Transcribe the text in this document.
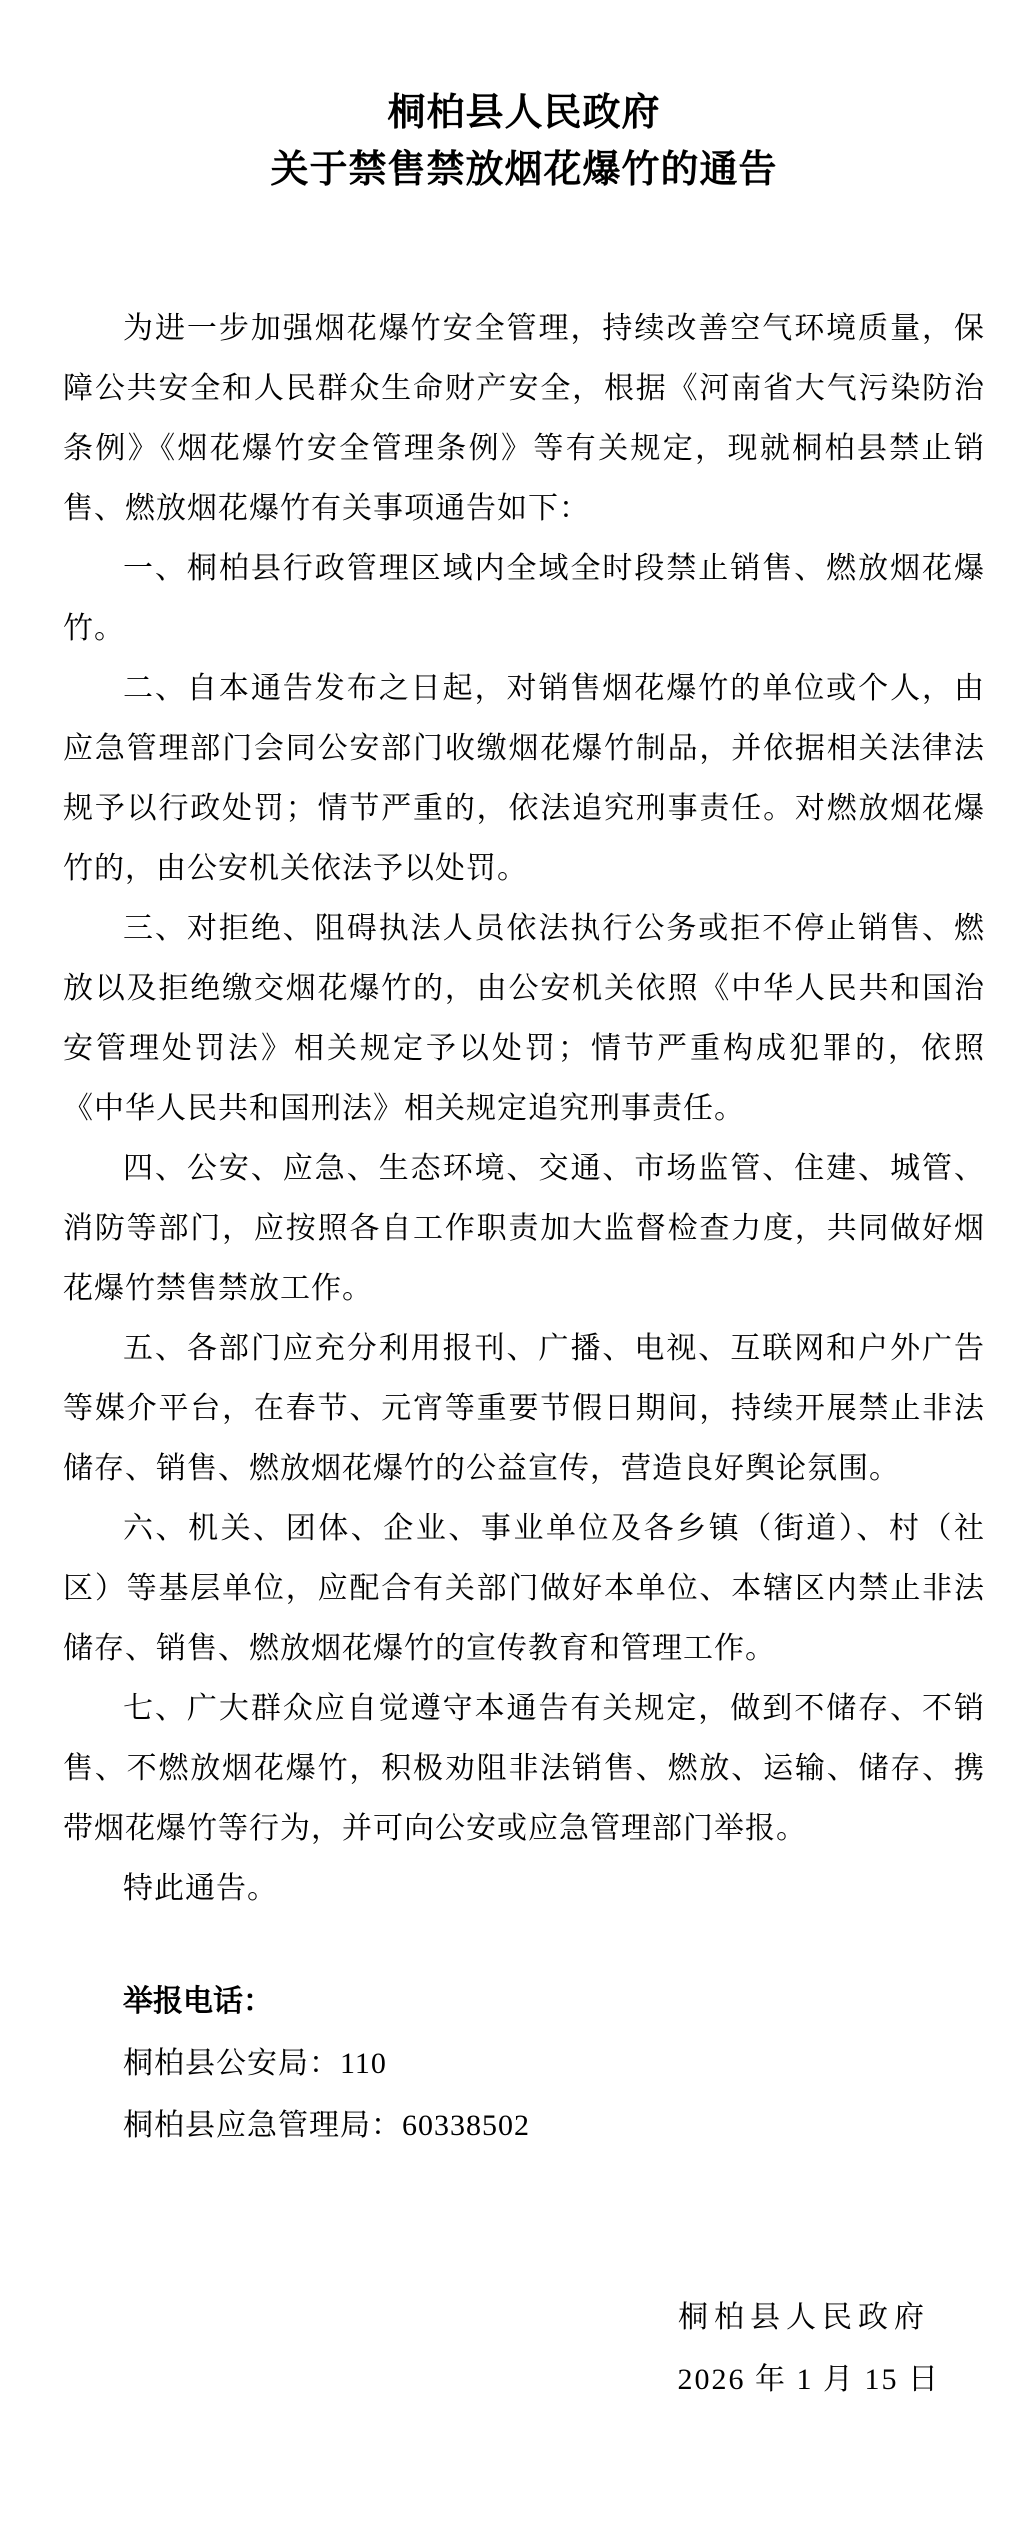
桐柏县人民政府
关于禁售禁放烟花爆竹的通告

为进一步加强烟花爆竹安全管理，持续改善空气环境质量，保障公共安全和人民群众生命财产安全，根据《河南省大气污染防治条例》《烟花爆竹安全管理条例》等有关规定，现就桐柏县禁止销售、燃放烟花爆竹有关事项通告如下：

一、桐柏县行政管理区域内全域全时段禁止销售、燃放烟花爆竹。

二、自本通告发布之日起，对销售烟花爆竹的单位或个人，由应急管理部门会同公安部门收缴烟花爆竹制品，并依据相关法律法规予以行政处罚；情节严重的，依法追究刑事责任。对燃放烟花爆竹的，由公安机关依法予以处罚。

三、对拒绝、阻碍执法人员依法执行公务或拒不停止销售、燃放以及拒绝缴交烟花爆竹的，由公安机关依照《中华人民共和国治安管理处罚法》相关规定予以处罚；情节严重构成犯罪的，依照《中华人民共和国刑法》相关规定追究刑事责任。

四、公安、应急、生态环境、交通、市场监管、住建、城管、消防等部门，应按照各自工作职责加大监督检查力度，共同做好烟花爆竹禁售禁放工作。

五、各部门应充分利用报刊、广播、电视、互联网和户外广告等媒介平台，在春节、元宵等重要节假日期间，持续开展禁止非法储存、销售、燃放烟花爆竹的公益宣传，营造良好舆论氛围。

六、机关、团体、企业、事业单位及各乡镇（街道）、村（社区）等基层单位，应配合有关部门做好本单位、本辖区内禁止非法储存、销售、燃放烟花爆竹的宣传教育和管理工作。

七、广大群众应自觉遵守本通告有关规定，做到不储存、不销售、不燃放烟花爆竹，积极劝阻非法销售、燃放、运输、储存、携带烟花爆竹等行为，并可向公安或应急管理部门举报。

特此通告。

举报电话：

桐柏县公安局：110

桐柏县应急管理局：60338502

桐柏县人民政府

2026 年 1 月 15 日
